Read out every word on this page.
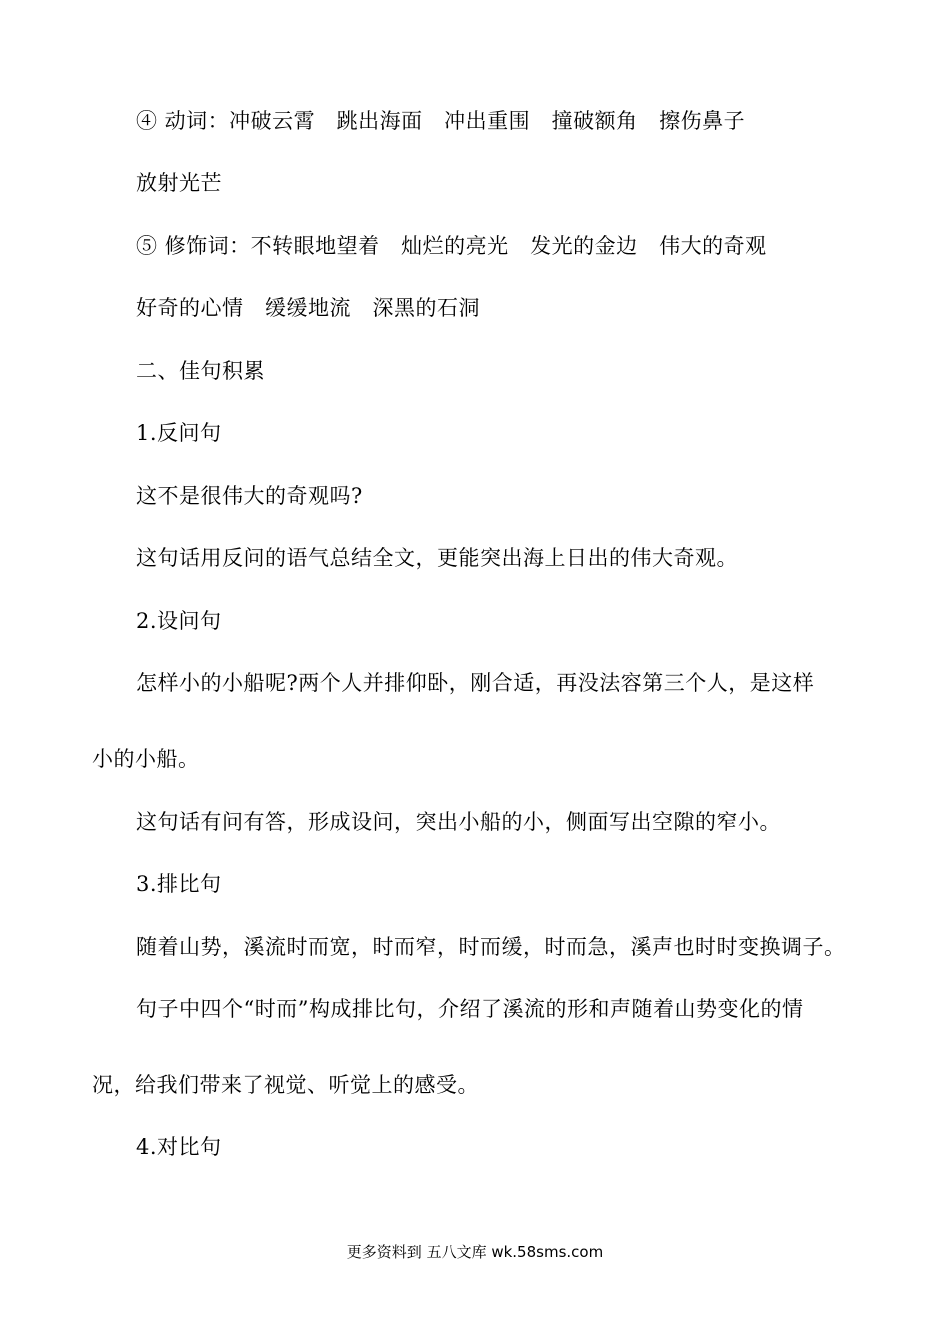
④ 动词：冲破云霄　跳出海面　冲出重围　撞破额角　擦伤鼻子
放射光芒
⑤ 修饰词：不转眼地望着　灿烂的亮光　发光的金边　伟大的奇观
好奇的心情　缓缓地流　深黑的石洞
二、佳句积累
1.反问句
这不是很伟大的奇观吗?
这句话用反问的语气总结全文，更能突出海上日出的伟大奇观。
2.设问句
怎样小的小船呢?两个人并排仰卧，刚合适，再没法容第三个人，是这样
小的小船。
这句话有问有答，形成设问，突出小船的小，侧面写出空隙的窄小。
3.排比句
随着山势，溪流时而宽，时而窄，时而缓，时而急，溪声也时时变换调子。
句子中四个“时而”构成排比句，介绍了溪流的形和声随着山势变化的情
况，给我们带来了视觉、听觉上的感受。
4.对比句
更多资料到 五八文库 wk.58sms.com
